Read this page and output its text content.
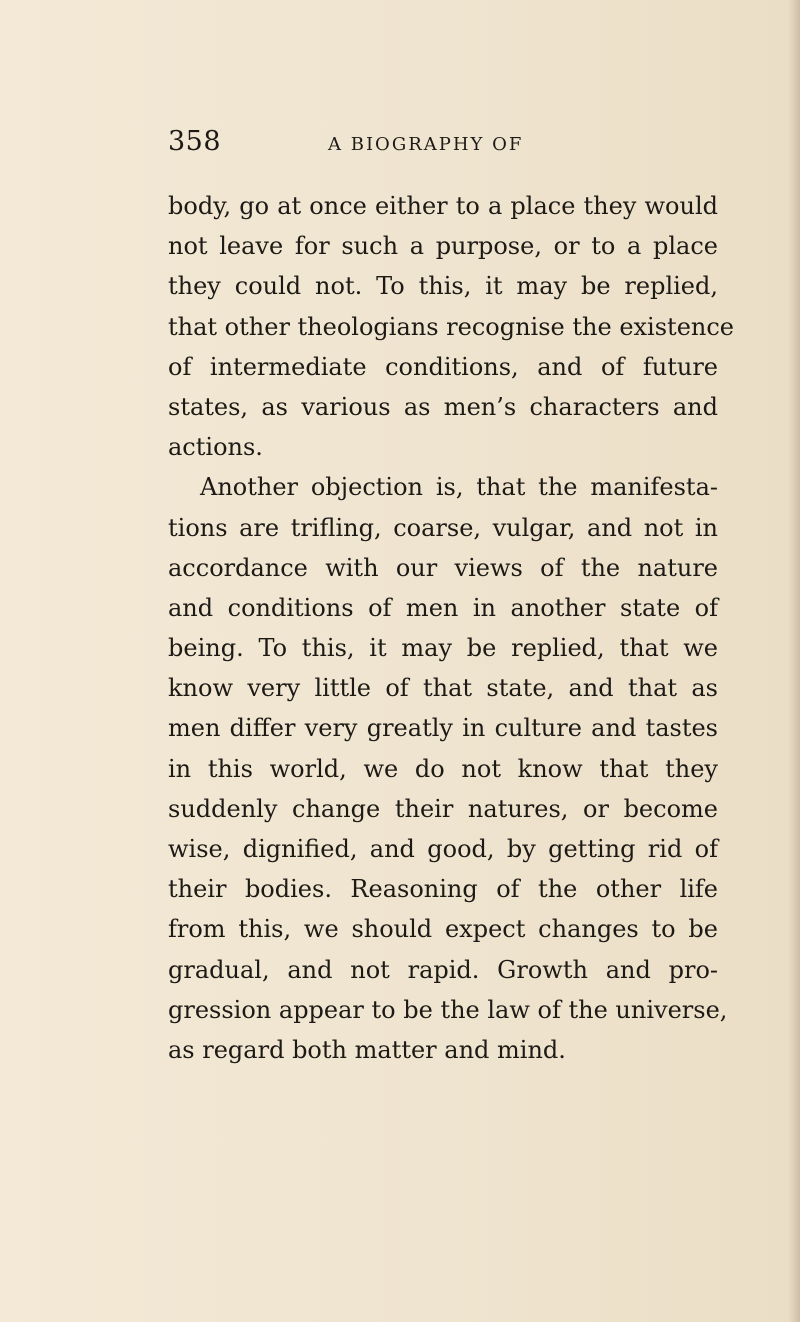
358	A BIOGRAPHY OF
body, go at once either to a place they would
not leave for such a purpose, or to a place
they could not. To this, it may be replied,
that other theologians recognise the existence
of intermediate conditions, and of future
states, as various as men’s characters and
actions.
Another objection is, that the manifesta-
tions are trifling, coarse, vulgar, and not in
accordance with our views of the nature
and conditions of men in another state of
being. To this, it may be replied, that we
know very little of that state, and that as
men differ very greatly in culture and tastes
in this world, we do not know that they
suddenly change their natures, or become
wise, dignified, and good, by getting rid of
their bodies. Reasoning of the other life
from this, we should expect changes to be
gradual, and not rapid. Growth and pro-
gression appear to be the law of the universe,
as regard both matter and mind.
